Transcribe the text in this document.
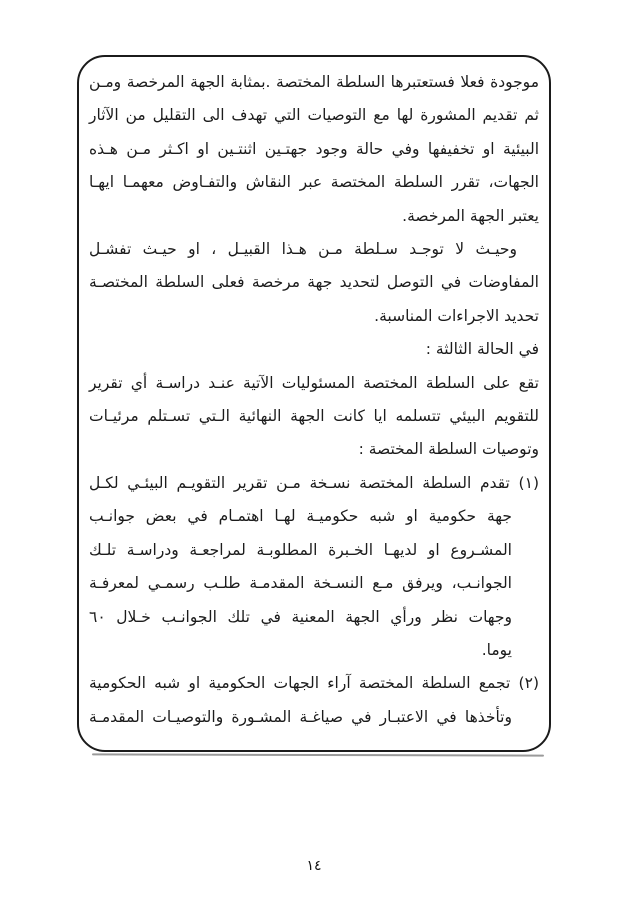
موجودة فعلا فستعتبرها السلطة المختصة .بمثابة الجهة المرخصة ومـن
ثم تقديم المشورة لها مع التوصيات التي تهدف الى التقليل من الآثار
البيئية او تخفيفها وفي حالة وجود جهتـين اثنتـين او اكـثر مـن هـذه
الجهات، تقرر السلطة المختصة عبر النقاش والتفـاوض معهمـا ايهـا
يعتبر الجهة المرخصة.
وحيـث لا توجـد سـلطة مـن هـذا القبيـل ، او حيـث تفشـل
المفاوضات في التوصل لتحديد جهة مرخصة فعلى السلطة المختصـة
تحديد الاجراءات المناسبة.
في الحالة الثالثة :
تقع على السلطة المختصة المسئوليات الآتية عنـد دراسـة أي تقرير
للتقويم البيئي تتسلمه ايا كانت الجهة النهائية الـتي تسـتلم مرئيـات
وتوصيات السلطة المختصة :
(١) تقدم السلطة المختصة نسـخة مـن تقرير التقويـم البيئـي لكـل
جهة حكومية او شبه حكوميـة لهـا اهتمـام في بعض جوانـب
المشـروع او لديهـا الخـبرة المطلوبـة لمراجعـة ودراسـة تلـك
الجوانـب، ويرفق مـع النسـخة المقدمـة طلـب رسمـي لمعرفـة
وجهات نظر ورأي الجهة المعنية في تلك الجوانـب خـلال ٦٠
يوما.
(٢) تجمع السلطة المختصة آراء الجهات الحكومية او شبه الحكومية
وتأخذها في الاعتبـار في صياغـة المشـورة والتوصيـات المقدمـة
١٤
